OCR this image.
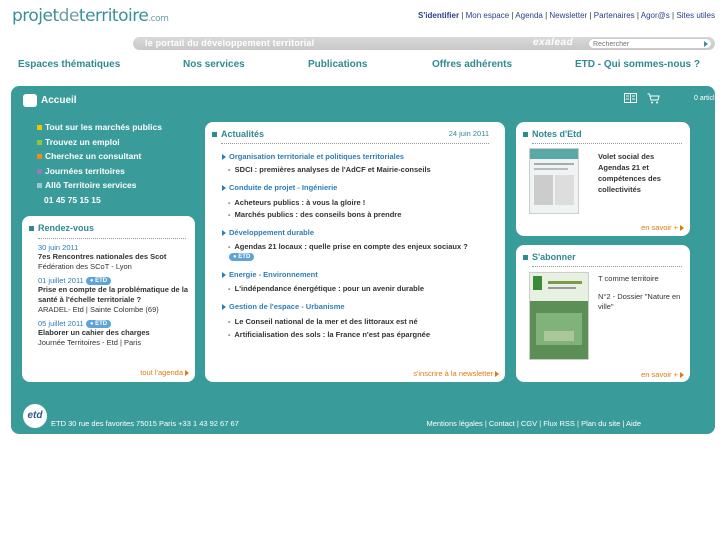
projetdeterritoire.com	S'identifier | Mon espace | Agenda | Newsletter | Partenaires | Agor@s | Sites utiles
le portail du développement territorial	exalead
Rechercher
Espaces thématiques	Nos services	Publications	Offres adhérents	ETD - Qui sommes-nous ?
Accueil	0 article(s)
Tout sur les marchés publics
Trouvez un emploi
Cherchez un consultant
Journées territoires
Allô Territoire services
01 45 75 15 15
Rendez-vous
30 juin 2011
7es Rencontres nationales des Scot
Fédération des SCoT - Lyon
01 juillet 2011 ● ETD
Prise en compte de la problématique de la santé à l'échelle territoriale ?
ARADEL- Etd | Sainte Colombe (69)
05 juillet 2011 ● ETD
Elaborer un cahier des charges
Journée Territoires - Etd | Paris
tout l'agenda
Actualités	24 juin 2011
Organisation territoriale et politiques territoriales
-  SDCI : premières analyses de l'AdCF et Mairie-conseils
Conduite de projet - Ingénierie
-  Acheteurs publics : à vous la gloire !
-  Marchés publics : des conseils bons à prendre
Développement durable
-  Agendas 21 locaux : quelle prise en compte des enjeux sociaux ?
● ETD
Energie - Environnement
-  L'indépendance énergétique : pour un avenir durable
Gestion de l'espace - Urbanisme
-  Le Conseil national de la mer et des littoraux est né
-  Artificialisation des sols : la France n'est pas épargnée
s'inscrire à la newsletter
Notes d'Etd
Volet social des Agendas 21 et compétences des collectivités
en savoir +
S'abonner
T comme territoire
N°2 - Dossier "Nature en ville"
en savoir +
etd
ETD 30 rue des favorites 75015 Paris +33 1 43 92 67 67	Mentions légales | Contact | CGV | Flux RSS | Plan du site | Aide
